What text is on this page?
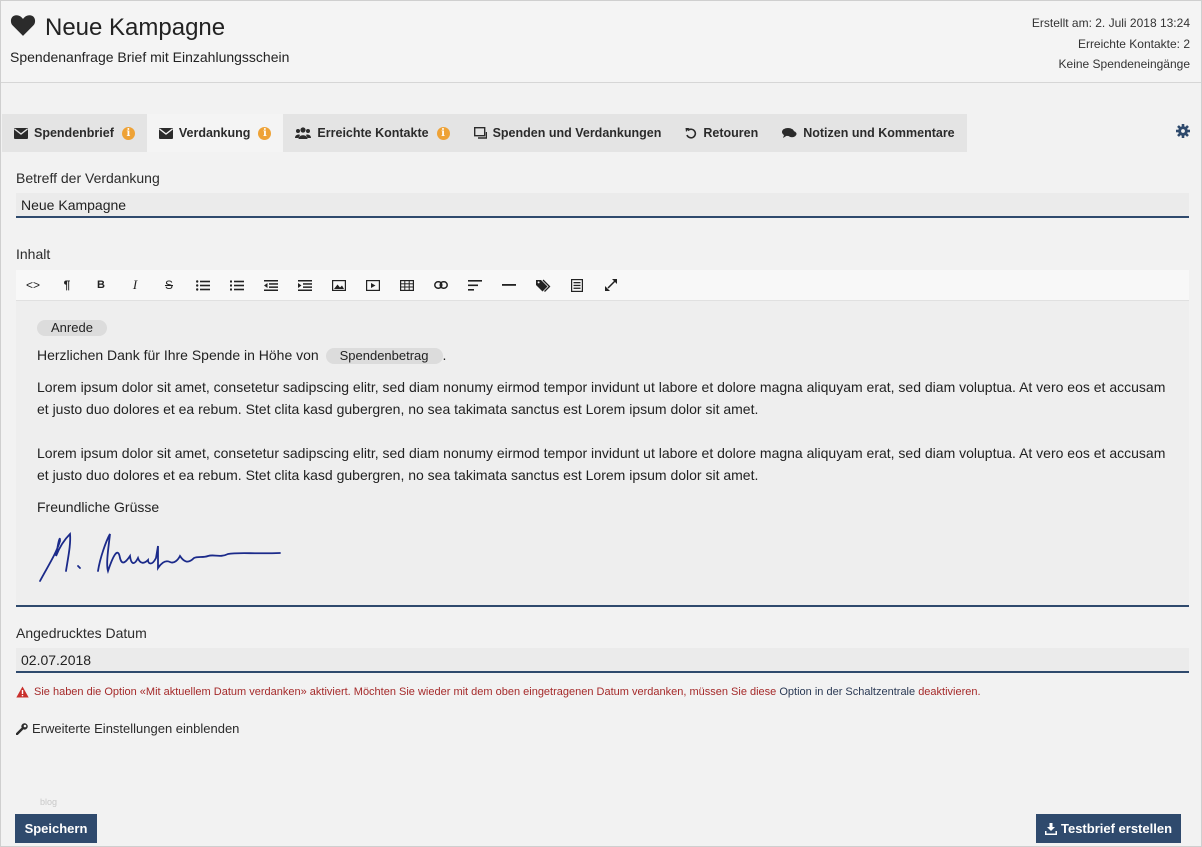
Neue Kampagne
Spendenanfrage Brief mit Einzahlungsschein
Erstellt am: 2. Juli 2018 13:24
Erreichte Kontakte: 2
Keine Spendeneingänge
Spendenbrief	i	Verdankung	i	Erreichte Kontakte	i	Spenden und Verdankungen	Retouren	Notizen und Kommentare
Betreff der Verdankung
Neue Kampagne
Inhalt
<>	¶	B	I	S
Anrede
Herzlichen Dank für Ihre Spende in Höhe von Spendenbetrag .

Lorem ipsum dolor sit amet, consetetur sadipscing elitr, sed diam nonumy eirmod tempor invidunt ut labore et dolore magna aliquyam erat, sed diam voluptua. At vero eos et accusam et justo duo dolores et ea rebum. Stet clita kasd gubergren, no sea takimata sanctus est Lorem ipsum dolor sit amet.

Lorem ipsum dolor sit amet, consetetur sadipscing elitr, sed diam nonumy eirmod tempor invidunt ut labore et dolore magna aliquyam erat, sed diam voluptua. At vero eos et accusam et justo duo dolores et ea rebum. Stet clita kasd gubergren, no sea takimata sanctus est Lorem ipsum dolor sit amet.

Freundliche Grüsse

Angedrucktes Datum
02.07.2018
Sie haben die Option «Mit aktuellem Datum verdanken» aktiviert. Möchten Sie wieder mit dem oben eingetragenen Datum verdanken, müssen Sie diese
Option
in der Schaltzentrale
deaktivieren.
Erweiterte Einstellungen einblenden
blog
Speichern	Testbrief erstellen
